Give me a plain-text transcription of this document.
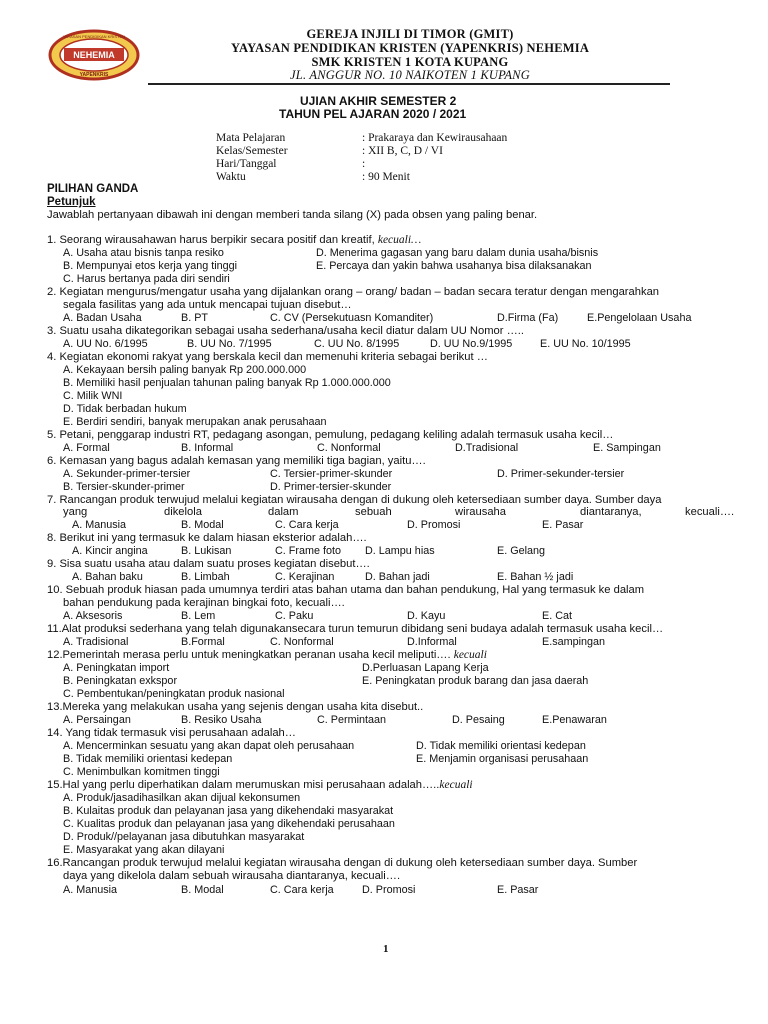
NEHEMIA
YAYASAN PENDIDIKAN KRISTEN
YAPENKRIS
GEREJA INJILI DI TIMOR (GMIT)
YAYASAN PENDIDIKAN KRISTEN (YAPENKRIS) NEHEMIA
SMK KRISTEN 1 KOTA KUPANG
JL. ANGGUR NO. 10 NAIKOTEN 1 KUPANG
UJIAN AKHIR SEMESTER 2
TAHUN PEL AJARAN 2020 / 2021
Mata Pelajaran	: Prakaraya dan Kewirausahaan
Kelas/Semester	: XII B, C, D / VI
Hari/Tanggal	:
Waktu	: 90 Menit
PILIHAN GANDA
Petunjuk
Jawablah pertanyaan dibawah ini dengan memberi tanda silang (X) pada obsen yang paling benar.
1. Seorang wirausahawan harus berpikir secara positif dan kreatif, kecuali…
A. Usaha atau bisnis tanpa resiko	D. Menerima gagasan yang baru dalam dunia usaha/bisnis
B. Mempunyai etos kerja yang tinggi	E. Percaya dan yakin bahwa usahanya bisa dilaksanakan
C. Harus bertanya pada diri sendiri
2. Kegiatan mengurus/mengatur usaha yang dijalankan orang – orang/ badan – badan secara teratur dengan mengarahkan
segala fasilitas yang ada untuk mencapai tujuan disebut…
A. Badan Usaha	B. PT	C. CV (Persekutuasn Komanditer)	D.Firma (Fa)	E.Pengelolaan Usaha
3. Suatu usaha dikategorikan sebagai usaha sederhana/usaha kecil diatur dalam UU Nomor …..
A. UU No. 6/1995	B. UU No. 7/1995	C. UU No. 8/1995	D. UU No.9/1995	E. UU No. 10/1995
4. Kegiatan ekonomi rakyat yang berskala kecil dan memenuhi kriteria sebagai berikut …
A. Kekayaan bersih paling banyak Rp 200.000.000
B. Memiliki hasil penjualan tahunan paling banyak Rp 1.000.000.000
C. Milik WNI
D. Tidak berbadan hukum
E. Berdiri sendiri, banyak merupakan anak perusahaan
5. Petani, penggarap industri RT, pedagang asongan, pemulung, pedagang keliling adalah termasuk usaha kecil…
A. Formal	B. Informal	C. Nonformal	D.Tradisional	E. Sampingan
6. Kemasan yang bagus adalah kemasan yang memiliki tiga bagian, yaitu….
A. Sekunder-primer-tersier	C. Tersier-primer-skunder	D. Primer-sekunder-tersier
B. Tersier-skunder-primer	D. Primer-tersier-skunder
7. Rancangan produk terwujud melalui kegiatan wirausaha dengan di dukung oleh ketersediaan sumber daya. Sumber daya
yang	dikelola	dalam	sebuah	wirausaha	diantaranya,	kecuali….
A. Manusia	B. Modal	C. Cara kerja	D. Promosi	E. Pasar
8. Berikut ini yang termasuk ke dalam hiasan eksterior adalah….
A. Kincir angina	B. Lukisan	C. Frame foto D. Lampu hias	E. Gelang
9. Sisa suatu usaha atau dalam suatu proses kegiatan disebut….
A. Bahan baku	B. Limbah	C. Kerajinan	D. Bahan jadi	E. Bahan ½ jadi
10. Sebuah produk hiasan pada umumnya terdiri atas bahan utama dan bahan pendukung, Hal yang termasuk ke dalam
bahan pendukung pada kerajinan bingkai foto, kecuali….
A. Aksesoris	B. Lem	C. Paku	D. Kayu	E. Cat
11.Alat produksi sederhana yang telah digunakansecara turun temurun dibidang seni budaya adalah termasuk usaha kecil…
A. Tradisional	B.Formal	C. Nonformal	D.Informal	E.sampingan
12.Pemerintah merasa perlu untuk meningkatkan peranan usaha kecil meliputi…. kecuali
A. Peningkatan import	D.Perluasan Lapang Kerja
B. Peningkatan exkspor	E. Peningkatan produk barang dan jasa daerah
C. Pembentukan/peningkatan produk nasional
13.Mereka yang melakukan usaha yang sejenis dengan usaha kita disebut..
A. Persaingan	B. Resiko Usaha	C. Permintaan	D. Pesaing	E.Penawaran
14. Yang tidak termasuk visi perusahaan adalah…
A. Mencerminkan sesuatu yang akan dapat oleh perusahaan	D. Tidak memiliki orientasi kedepan
B. Tidak memiliki orientasi kedepan	E. Menjamin organisasi perusahaan
C. Menimbulkan komitmen tinggi
15.Hal yang perlu diperhatikan dalam merumuskan misi perusahaan adalah…..kecuali
A. Produk/jasadihasilkan akan dijual kekonsumen
B. Kulaitas produk dan pelayanan jasa yang dikehendaki masyarakat
C. Kualitas produk dan pelayanan jasa yang dikehendaki perusahaan
D. Produk//pelayanan jasa dibutuhkan masyarakat
E. Masyarakat yang akan dilayani
16.Rancangan produk terwujud melalui kegiatan wirausaha dengan di dukung oleh ketersediaan sumber daya. Sumber
daya yang dikelola dalam sebuah wirausaha diantaranya, kecuali….
A. Manusia	B. Modal	C. Cara kerja	D. Promosi	E. Pasar
1
